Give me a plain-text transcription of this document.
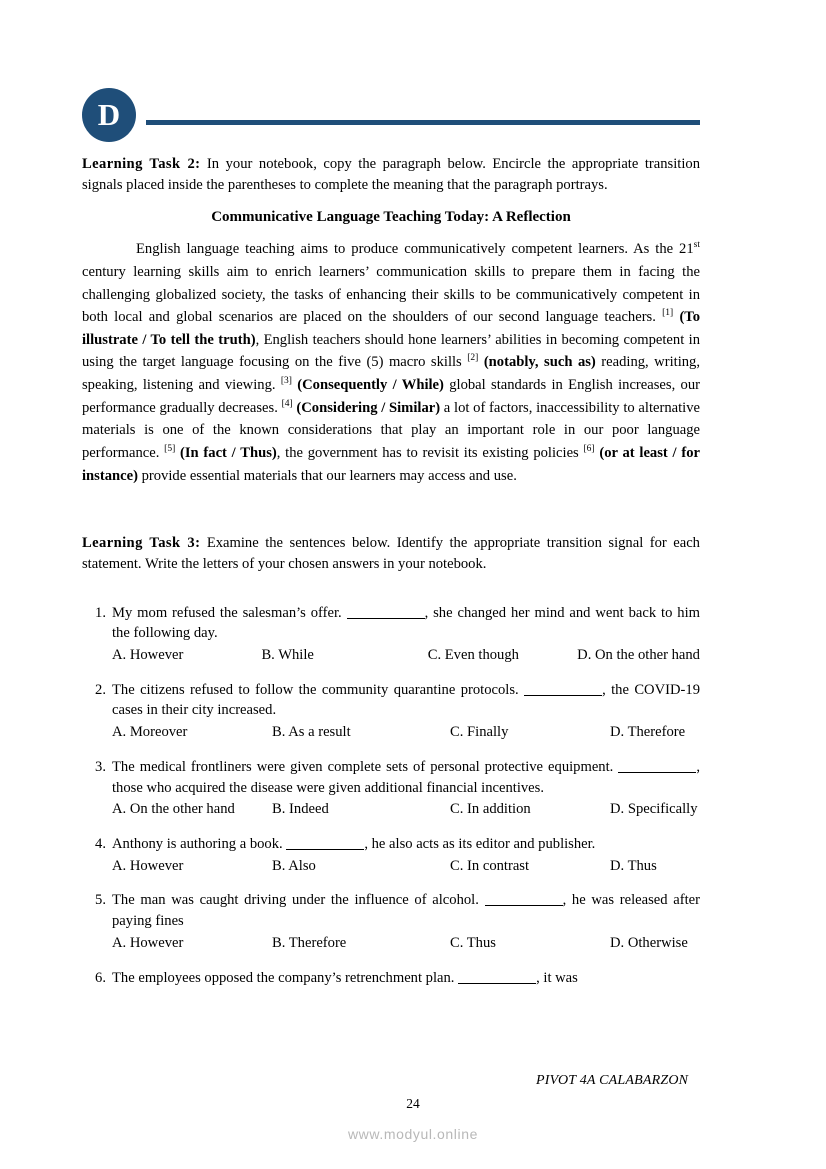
D

Learning Task 2: In your notebook, copy the paragraph below. Encircle the appropriate transition signals placed inside the parentheses to complete the meaning that the paragraph portrays.

Communicative Language Teaching Today: A Reflection

English language teaching aims to produce communicatively competent learners. As the 21st century learning skills aim to enrich learners’ communication skills to prepare them in facing the challenging globalized society, the tasks of enhancing their skills to be communicatively competent in both local and global scenarios are placed on the shoulders of our second language teachers. [1] (To illustrate / To tell the truth), English teachers should hone learners’ abilities in becoming competent in using the target language focusing on the five (5) macro skills [2] (notably, such as) reading, writing, speaking, listening and viewing. [3] (Consequently / While) global standards in English increases, our performance gradually decreases. [4] (Considering / Similar) a lot of factors, inaccessibility to alternative materials is one of the known considerations that play an important role in our poor language performance. [5] (In fact / Thus), the government has to revisit its existing policies [6] (or at least / for instance) provide essential materials that our learners may access and use.

Learning Task 3: Examine the sentences below. Identify the appropriate transition signal for each statement. Write the letters of your chosen answers in your notebook.

1. My mom refused the salesman’s offer.	, she changed her mind and went back to him the following day.
A. However	B. While	C. Even though	D. On the other hand
2. The citizens refused to follow the community quarantine protocols.	, the COVID-19 cases in their city increased.
A. Moreover	B. As a result	C. Finally	D. Therefore
3. The medical frontliners were given complete sets of personal protective equipment.	, those who acquired the disease were given additional financial incentives.
A. On the other hand	B. Indeed	C. In addition	D. Specifically
4. Anthony is authoring a book.	, he also acts as its editor and publisher.
A. However	B. Also	C. In contrast	D. Thus
5. The man was caught driving under the influence of alcohol.	, he was released after paying fines
A. However	B. Therefore	C. Thus	D. Otherwise
6. The employees opposed the company’s retrenchment plan.	, it was
PIVOT 4A CALABARZON
24
www.modyul.online
